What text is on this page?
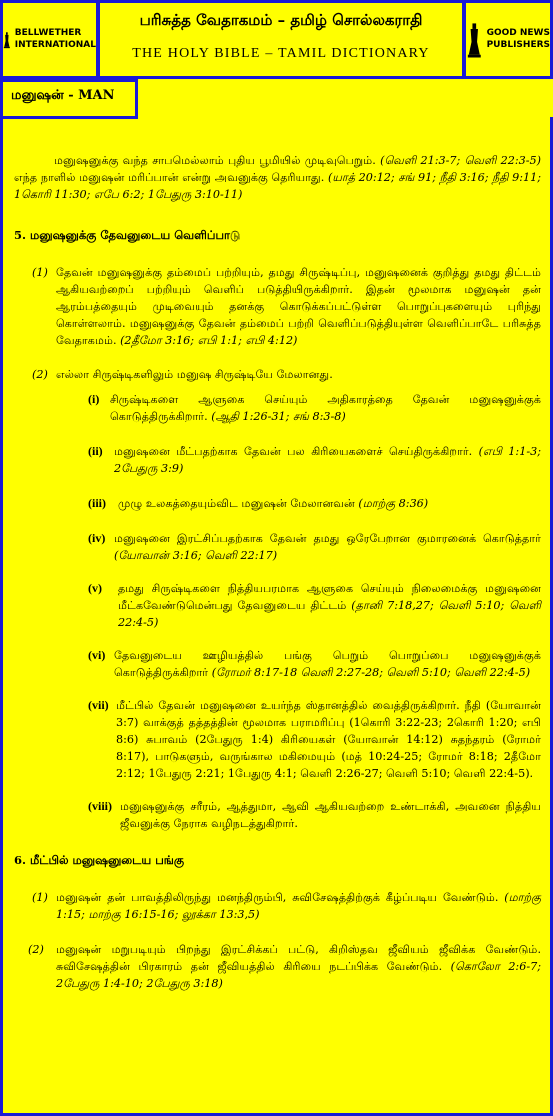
BELLWETHER
INTERNATIONAL
பரிசுத்த வேதாகமம் – தமிழ் சொல்லகராதி
THE HOLY BIBLE – TAMIL DICTIONARY
GOOD NEWS
PUBLISHERS
மனுஷன் - MAN

மனுஷனுக்கு வந்த சாபமெல்லாம் புதிய பூமியில் முடிவுபெறும். (வெளி 21:3-7; வெளி 22:3-5) எந்த நாளில் மனுஷன் மரிப்பான் என்று அவனுக்கு தெரியாது. (யாத் 20:12; சங் 91; நீதி 3:16; நீதி 9:11; 1கொரி 11:30; எபே 6:2; 1பேதுரு 3:10-11)

5. மனுஷனுக்கு தேவனுடைய வெளிப்பாடு

(1) தேவன் மனுஷனுக்கு தம்மைப் பற்றியும், தமது சிருஷ்டிப்பு, மனுஷனைக் குறித்து தமது திட்டம் ஆகியவற்றைப் பற்றியும் வெளிப் படுத்தியிருக்கிறார். இதன் மூலமாக மனுஷன் தன் ஆரம்பத்தையும் முடிவையும் தனக்கு கொடுக்கப்பட்டுள்ள பொறுப்புகளையும் புரிந்து கொள்ளலாம். மனுஷனுக்கு தேவன் தம்மைப் பற்றி வெளிப்படுத்தியுள்ள வெளிப்பாடே பரிசுத்த வேதாகமம். (2தீமோ 3:16; எபி 1:1; எபி 4:12)

(2) எல்லா சிருஷ்டிகளிலும் மனுஷ சிருஷ்டியே மேலானது.

(i) சிருஷ்டிகளை ஆளுகை செய்யும் அதிகாரத்தை தேவன் மனுஷனுக்குக் கொடுத்திருக்கிறார். (ஆதி 1:26-31; சங் 8:3-8)

(ii)	மனுஷனை மீட்பதற்காக தேவன் பல கிரியைகளைச் செய்திருக்கிறார். (எபி 1:1-3; 2பேதுரு 3:9)

(iii)	முழு உலகத்தையும்விட மனுஷன் மேலானவன் (மாற்கு 8:36)

(iv) மனுஷனை இரட்சிப்பதற்காக தேவன் தமது ஒரேபேறான குமாரனைக் கொடுத்தார் (யோவான் 3:16; வெளி 22:17)

(v)	தமது சிருஷ்டிகளை நித்தியபரமாக ஆளுகை செய்யும் நிலைமைக்கு மனுஷனை மீட்கவேண்டுமென்பது தேவனுடைய திட்டம் (தானி 7:18,27; வெளி 5:10; வெளி 22:4-5)

(vi) தேவனுடைய ஊழியத்தில் பங்கு பெறும் பொறுப்பை மனுஷனுக்குக் கொடுத்திருக்கிறார் (ரோமர் 8:17-18 வெளி 2:27-28; வெளி 5:10; வெளி 22:4-5)

(vii) மீட்பில் தேவன் மனுஷனை உயர்ந்த ஸ்தானத்தில் வைத்திருக்கிறார். நீதி (யோவான் 3:7) வாக்குத் தத்தத்தின் மூலமாக பராமரிப்பு (1கொரி 3:22-23; 2கொரி 1:20; எபி 8:6) சுபாவம் (2பேதுரு 1:4) கிரியைகள் (யோவான் 14:12) சுதந்தரம் (ரோமர் 8:17), பாடுகளும், வருங்கால மகிமையும் (மத் 10:24-25; ரோமர் 8:18; 2தீமோ 2:12; 1பேதுரு 2:21; 1பேதுரு 4:1; வெளி 2:26-27; வெளி 5:10; வெளி 22:4-5).

(viii) மனுஷனுக்கு சரீரம், ஆத்துமா, ஆவி ஆகியவற்றை உண்டாக்கி, அவனை நித்திய ஜீவனுக்கு நேராக வழிநடத்துகிறார்.

6. மீட்பில் மனுஷனுடைய பங்கு

(1) மனுஷன் தன் பாவத்திலிருந்து மனந்திரும்பி, சுவிசேஷத்திற்குக் கீழ்ப்படிய வேண்டும். (மாற்கு 1:15; மாற்கு 16:15-16; லூக்கா 13:3,5)

(2)	மனுஷன் மறுபடியும் பிறந்து இரட்சிக்கப் பட்டு, கிறிஸ்தவ ஜீவியம் ஜீவிக்க வேண்டும். சுவிசேஷத்தின் பிரகாரம் தன் ஜீவியத்தில் கிரியை நடப்பிக்க வேண்டும். (கொலோ 2:6-7; 2பேதுரு 1:4-10; 2பேதுரு 3:18)
